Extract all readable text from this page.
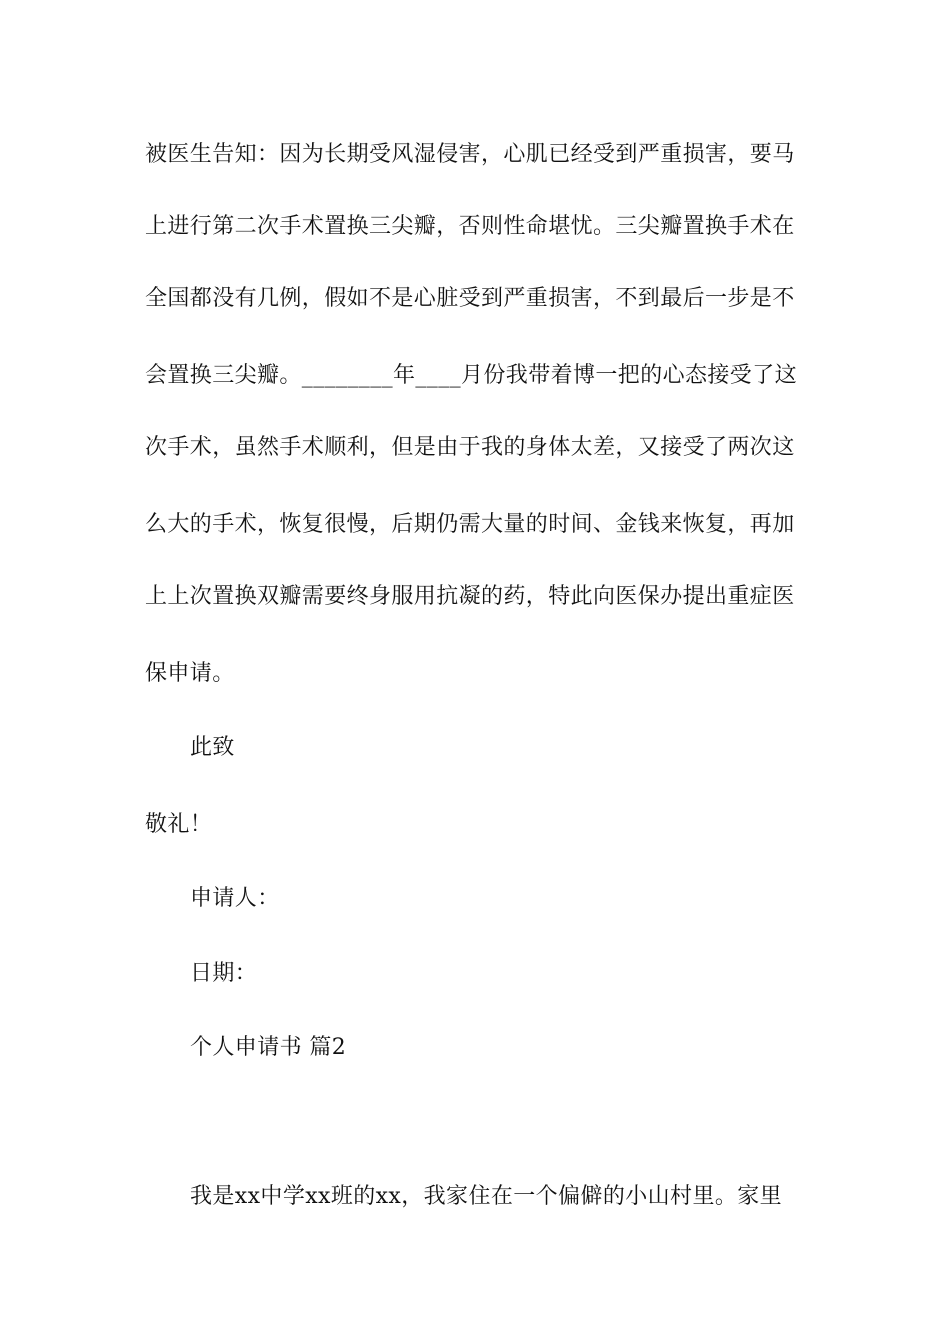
被医生告知：因为长期受风湿侵害，心肌已经受到严重损害，要马
上进行第二次手术置换三尖瓣，否则性命堪忧。三尖瓣置换手术在
全国都没有几例，假如不是心脏受到严重损害，不到最后一步是不
会置换三尖瓣。________年____月份我带着博一把的心态接受了这
次手术，虽然手术顺利，但是由于我的身体太差，又接受了两次这
么大的手术，恢复很慢，后期仍需大量的时间、金钱来恢复，再加
上上次置换双瓣需要终身服用抗凝的药，特此向医保办提出重症医
保申请。
此致
敬礼！
申请人：
日期：
个人申请书 篇2
我是xx中学xx班的xx，我家住在一个偏僻的小山村里。家里
